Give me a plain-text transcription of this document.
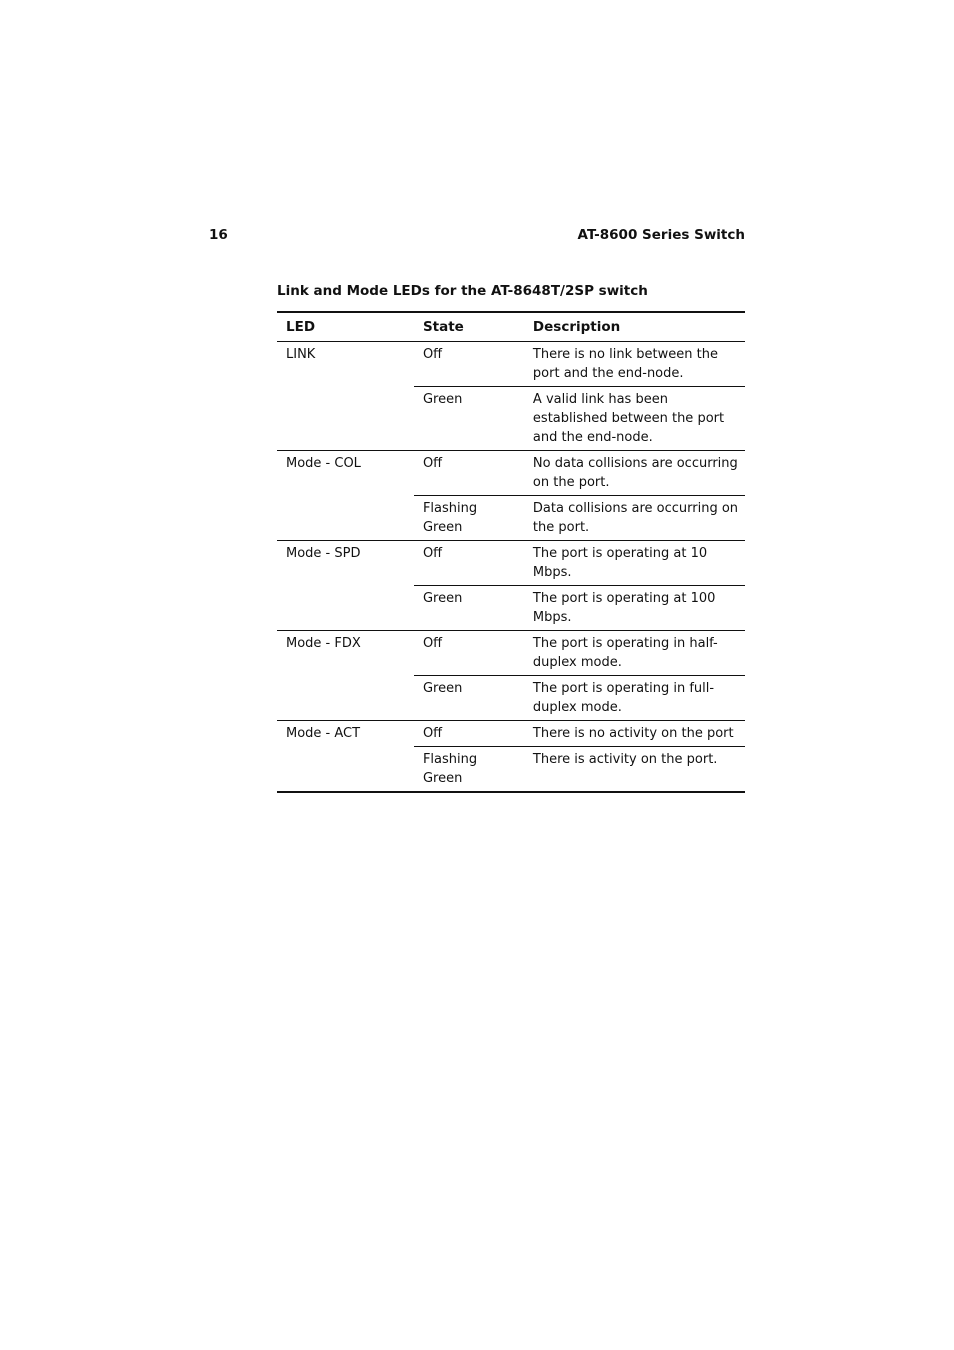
16	AT-8600 Series Switch
Link and Mode LEDs for the AT-8648T/2SP switch
LED	State	Description
LINK	Off	There is no link between the port and the end-node.
	Green	A valid link has been established between the port and the end-node.
Mode - COL	Off	No data collisions are occurring on the port.
	Flashing Green	Data collisions are occurring on the port.
Mode - SPD	Off	The port is operating at 10 Mbps.
	Green	The port is operating at 100 Mbps.
Mode - FDX	Off	The port is operating in half-duplex mode.
	Green	The port is operating in full-duplex mode.
Mode - ACT	Off	There is no activity on the port
	Flashing Green	There is activity on the port.
